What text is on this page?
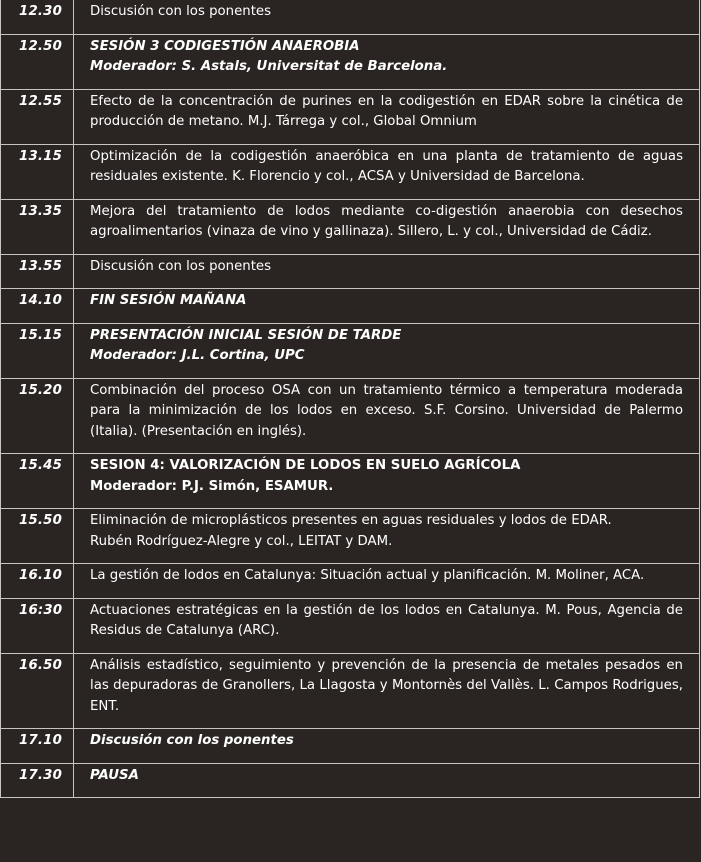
12.30	Discusión con los ponentes

12.50	SESIÓN 3 CODIGESTIÓN ANAEROBIA
Moderador: S. Astals, Universitat de Barcelona.

12.55	Efecto de la concentración de purines en la codigestión en EDAR sobre la cinética de producción de metano. M.J. Tárrega y col., Global Omnium

13.15	Optimización de la codigestión anaeróbica en una planta de tratamiento de aguas residuales existente. K. Florencio y col., ACSA y Universidad de Barcelona.

13.35	Mejora del tratamiento de lodos mediante co-digestión anaerobia con desechos agroalimentarios (vinaza de vino y gallinaza). Sillero, L. y col., Universidad de Cádiz.

13.55	Discusión con los ponentes

14.10	FIN SESIÓN MAÑANA

15.15	PRESENTACIÓN INICIAL SESIÓN DE TARDE
Moderador: J.L. Cortina, UPC

15.20	Combinación del proceso OSA con un tratamiento térmico a temperatura moderada para la minimización de los lodos en exceso. S.F. Corsino. Universidad de Palermo (Italia). (Presentación en inglés).

15.45	SESION 4: VALORIZACIÓN DE LODOS EN SUELO AGRÍCOLA
Moderador: P.J. Simón, ESAMUR.

15.50	Eliminación de microplásticos presentes en aguas residuales y lodos de EDAR.
Rubén Rodríguez-Alegre y col., LEITAT y DAM.

16.10	La gestión de lodos en Catalunya: Situación actual y planificación. M. Moliner, ACA.

16:30	Actuaciones estratégicas en la gestión de los lodos en Catalunya. M. Pous, Agencia de Residus de Catalunya (ARC).

16.50	Análisis estadístico, seguimiento y prevención de la presencia de metales pesados en las depuradoras de Granollers, La Llagosta y Montornès del Vallès. L. Campos Rodrigues, ENT.

17.10	Discusión con los ponentes

17.30	PAUSA
